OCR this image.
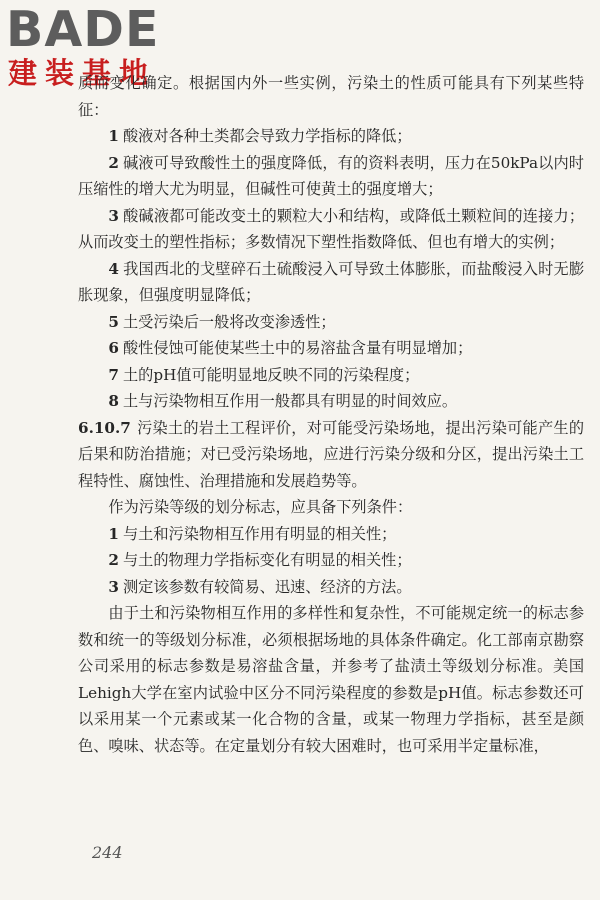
BADE
建装基地

质而变化确定。根据国内外一些实例，污染土的性质可能具有下列某些特征：

1 酸液对各种土类都会导致力学指标的降低；

2 碱液可导致酸性土的强度降低，有的资料表明，压力在50kPa以内时压缩性的增大尤为明显，但碱性可使黄土的强度增大；

3 酸碱液都可能改变土的颗粒大小和结构，或降低土颗粒间的连接力；从而改变土的塑性指标；多数情况下塑性指数降低、但也有增大的实例；

4 我国西北的戈壁碎石土硫酸浸入可导致土体膨胀，而盐酸浸入时无膨胀现象，但强度明显降低；

5 土受污染后一般将改变渗透性；

6 酸性侵蚀可能使某些土中的易溶盐含量有明显增加；

7 土的pH值可能明显地反映不同的污染程度；

8 土与污染物相互作用一般都具有明显的时间效应。

6.10.7 污染土的岩土工程评价，对可能受污染场地，提出污染可能产生的后果和防治措施；对已受污染场地，应进行污染分级和分区，提出污染土工程特性、腐蚀性、治理措施和发展趋势等。

作为污染等级的划分标志，应具备下列条件：

1 与土和污染物相互作用有明显的相关性；

2 与土的物理力学指标变化有明显的相关性；

3 测定该参数有较简易、迅速、经济的方法。

由于土和污染物相互作用的多样性和复杂性，不可能规定统一的标志参数和统一的等级划分标准，必须根据场地的具体条件确定。化工部南京勘察公司采用的标志参数是易溶盐含量，并参考了盐渍土等级划分标准。美国Lehigh大学在室内试验中区分不同污染程度的参数是pH值。标志参数还可以采用某一个元素或某一化合物的含量，或某一物理力学指标，甚至是颜色、嗅味、状态等。在定量划分有较大困难时，也可采用半定量标准，

244
